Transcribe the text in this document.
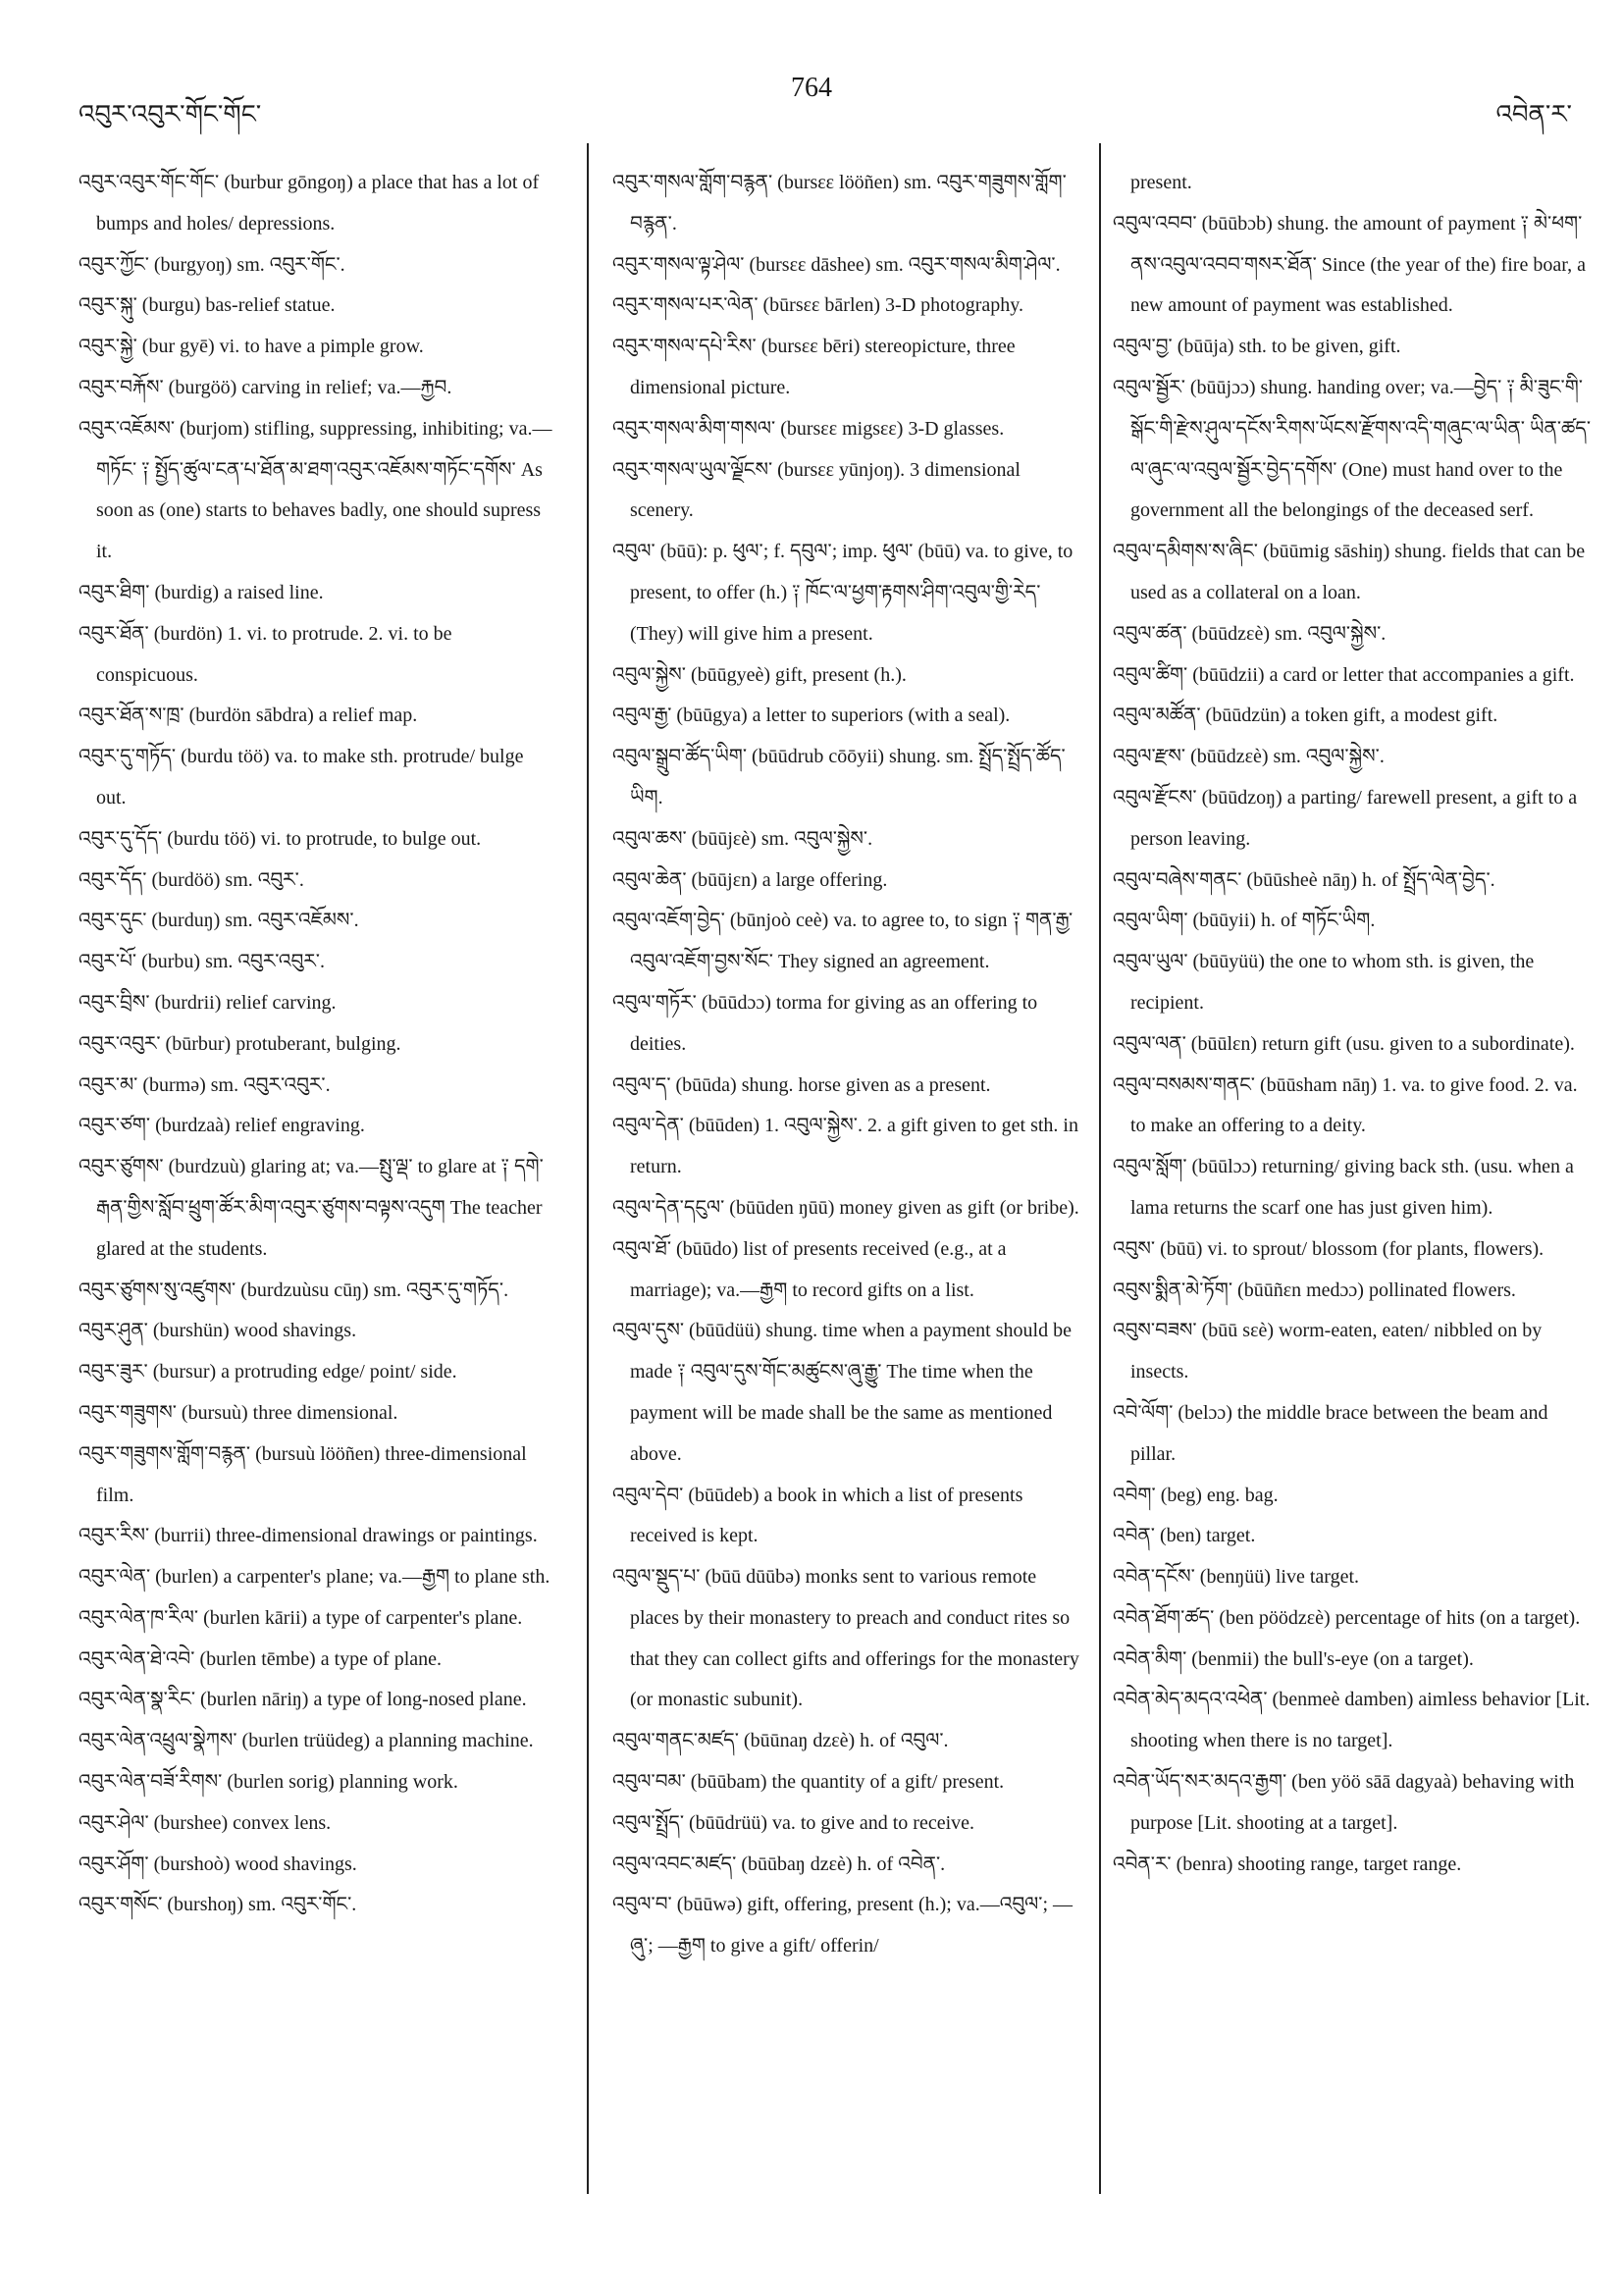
འབུར་འབུར་གོང་གོང་
764
འབེན་ར་
འབུར་འབུར་གོང་གོང་ (burbur gōngoŋ) a place that has a lot of bumps and holes/ depressions.
འབུར་ཀྱོང་ (burgyoŋ) sm. འབུར་གོང་.
འབུར་སྐུ་ (burgu) bas-relief statue.
འབུར་སྐྱེ་ (bur gyē) vi. to have a pimple grow.
འབུར་བརྐོས་ (burgöö) carving in relief; va.—རྐྱབ.
འབུར་འཇོམས་ (burjom) stifling, suppressing, inhibiting; va.—གཏོང་ ༑ སྤྱོད་ཚུལ་ངན་པ་ཐོན་མ་ཐག་འབུར་འཇོམས་གཏོང་དགོས་ As soon as (one) starts to behaves badly, one should supress it.
འབུར་ཐིག་ (burdig) a raised line.
འབུར་ཐོན་ (burdön) 1. vi. to protrude. 2. vi. to be conspicuous.
འབུར་ཐོན་ས་ཁྲ་ (burdön sābdra) a relief map.
འབུར་དུ་གཏོད་ (burdu töö) va. to make sth. protrude/ bulge out.
འབུར་དུ་དོད་ (burdu töö) vi. to protrude, to bulge out.
འབུར་དོད་ (burdöö) sm. འབུར་.
འབུར་དུང་ (burduŋ) sm. འབུར་འཇོམས་.
འབུར་པོ་ (burbu) sm. འབུར་འབུར་.
འབུར་བྲིས་ (burdrii) relief carving.
འབུར་འབུར་ (būrbur) protuberant, bulging.
འབུར་མ་ (burmə) sm. འབུར་འབུར་.
འབུར་ཙག་ (burdzaà) relief engraving.
འབུར་ཙུགས་ (burdzuù) glaring at; va.—སྤུ་ལྡ་ to glare at ༑ དགེ་རྒན་གྱིས་སློབ་ཕྲུག་ཚོར་མིག་འབུར་ཙུགས་བལྟས་འདུག The teacher glared at the students.
འབུར་ཙུགས་སུ་འཛུགས་ (burdzuùsu cūŋ) sm. འབུར་དུ་གཏོད་.
འབུར་ཤུན་ (burshün) wood shavings.
འབུར་ཟུར་ (bursur) a protruding edge/ point/ side.
འབུར་གཟུགས་ (bursuù) three dimensional.
འབུར་གཟུགས་གློག་བརྙན་ (bursuù lööñen) three-dimensional film.
འབུར་རིས་ (burrii) three-dimensional drawings or paintings.
འབུར་ལེན་ (burlen) a carpenter's plane; va.—རྒྱག to plane sth.
འབུར་ལེན་ཁ་རིལ་ (burlen kārii) a type of carpenter's plane.
འབུར་ལེན་ཐེ་འབེ་ (burlen tēmbe) a type of plane.
འབུར་ལེན་སྣ་རིང་ (burlen nāriŋ) a type of long-nosed plane.
འབུར་ལེན་འཕྲུལ་སྣེཀས་ (burlen trüüdeg) a planning machine.
འབུར་ལེན་བཟོ་རིགས་ (burlen sorig) planning work.
འབུར་ཤེལ་ (burshee) convex lens.
འབུར་ཤོག་ (burshoò) wood shavings.
འབུར་གསོང་ (burshoŋ) sm. འབུར་གོང་.
འབུར་གསལ་གློག་བརྙན་ (bursεε lööñen) sm. འབུར་གཟུགས་གློག་བརྙན་.
འབུར་གསལ་ལྟ་ཤེལ་ (bursεε dāshee) sm. འབུར་གསལ་མིག་ཤེལ་.
འབུར་གསལ་པར་ལེན་ (būrsεε bārlen) 3-D photography.
འབུར་གསལ་དཔེ་རིས་ (bursεε bēri) stereopicture, three dimensional picture.
འབུར་གསལ་མིག་གསལ་ (bursεε migsεε) 3-D glasses.
འབུར་གསལ་ཡུལ་ལྗོངས་ (bursεε yūnjoŋ). 3 dimensional scenery.
འབུལ་ (būū): p. ཕུལ་; f. དབུལ་; imp. ཕུལ་ (būū) va. to give, to present, to offer (h.) ༑ ཁོང་ལ་ཕྱག་རྟགས་ཤིག་འབུལ་གྱི་རེད་ (They) will give him a present.
འབུལ་སྐྱེས་ (būūgyeè) gift, present (h.).
འབུལ་རྒྱ་ (būūgya) a letter to superiors (with a seal).
འབུལ་སྒྲུབ་ཚོད་ཡིག་ (būūdrub cōōyii) shung. sm. སྤྲོད་སྤྲོད་ཚོད་ཡིག.
འབུལ་ཆས་ (būūjεè) sm. འབུལ་སྐྱེས་.
འབུལ་ཆེན་ (būūjεn) a large offering.
འབུལ་འཇོག་བྱེད་ (būnjoò ceè) va. to agree to, to sign ༑ གན་རྒྱ་འབུལ་འཇོག་བྱས་སོང་ They signed an agreement.
འབུལ་གཏོར་ (būūdɔɔ) torma for giving as an offering to deities.
འབུལ་ད་ (būūda) shung. horse given as a present.
འབུལ་དེན་ (būūden) 1. འབུལ་སྐྱེས་. 2. a gift given to get sth. in return.
འབུལ་དེན་དངུལ་ (būūden ŋūū) money given as gift (or bribe).
འབུལ་ཐོ་ (būūdo) list of presents received (e.g., at a marriage); va.—རྒྱག to record gifts on a list.
འབུལ་དུས་ (būūdüü) shung. time when a payment should be made ༑ འབུལ་དུས་གོང་མཚུངས་ཞུ་རྒྱུ་ The time when the payment will be made shall be the same as mentioned above.
འབུལ་དེབ་ (būūdeb) a book in which a list of presents received is kept.
འབུལ་སྡུད་པ་ (būū dūūbə) monks sent to various remote places by their monastery to preach and conduct rites so that they can collect gifts and offerings for the monastery (or monastic subunit).
འབུལ་གནང་མཛད་ (būūnaŋ dzεè) h. of འབུལ་.
འབུལ་བམ་ (būūbam) the quantity of a gift/ present.
འབུལ་སྤྲོད་ (būūdrüü) va. to give and to receive.
འབུལ་འབང་མཛད་ (būūbaŋ dzεè) h. of འབེན་.
འབུལ་བ་ (būūwə) gift, offering, present (h.); va.—འབུལ་; —ཞུ་; —རྒྱག to give a gift/ offerin/
present.
འབུལ་འབབ་ (būūbɔb) shung. the amount of payment ༑ མེ་ཕག་ནས་འབུལ་འབབ་གསར་ཐོན་ Since (the year of the) fire boar, a new amount of payment was established.
འབུལ་བྱ་ (būūja) sth. to be given, gift.
འབུལ་སྦྱོར་ (būūjɔɔ) shung. handing over; va.—བྱེད་ ༑ མི་ཟུང་གི་སྒོང་གི་རྫེས་ཤུལ་དངོས་རིགས་ཡོངས་རྫོགས་འདི་གཞུང་ལ་ཡིན་ ཡིན་ཚད་ལ་ཞུང་ལ་འབུལ་སྦྱོར་བྱེད་དགོས་ (One) must hand over to the government all the belongings of the deceased serf.
འབུལ་དམིགས་ས་ཞིང་ (būūmig sāshiŋ) shung. fields that can be used as a collateral on a loan.
འབུལ་ཚན་ (būūdzεè) sm. འབུལ་སྐྱེས་.
འབུལ་ཚིག་ (būūdzii) a card or letter that accompanies a gift.
འབུལ་མཚོན་ (būūdzün) a token gift, a modest gift.
འབུལ་རྫས་ (būūdzεè) sm. འབུལ་སྐྱེས་.
འབུལ་རྫོངས་ (būūdzoŋ) a parting/ farewell present, a gift to a person leaving.
འབུལ་བཞེས་གནང་ (būūsheè nāŋ) h. of སྤྲོད་ལེན་བྱེད་.
འབུལ་ཡིག་ (būūyii) h. of གཏོང་ཡིག.
འབུལ་ཡུལ་ (būūyüü) the one to whom sth. is given, the recipient.
འབུལ་ལན་ (būūlεn) return gift (usu. given to a subordinate).
འབུལ་བསམས་གནང་ (būūsham nāŋ) 1. va. to give food. 2. va. to make an offering to a deity.
འབུལ་སློག་ (būūlɔɔ) returning/ giving back sth. (usu. when a lama returns the scarf one has just given him).
འབུས་ (būū) vi. to sprout/ blossom (for plants, flowers).
འབུས་སྨིན་མེ་ཏོག་ (būūñεn medɔɔ) pollinated flowers.
འབུས་བཟས་ (būū sεè) worm-eaten, eaten/ nibbled on by insects.
འབེ་ལོག་ (belɔɔ) the middle brace between the beam and pillar.
འབེག་ (beg) eng. bag.
འབེན་ (ben) target.
འབེན་དངོས་ (benŋüü) live target.
འབེན་ཐོག་ཚད་ (ben pöödzεè) percentage of hits (on a target).
འབེན་མིག་ (benmii) the bull's-eye (on a target).
འབེན་མེད་མདའ་འཕེན་ (benmeè damben) aimless behavior [Lit. shooting when there is no target].
འབེན་ཡོད་སར་མདའ་རྒྱག་ (ben yöö sāā dagyaà) behaving with purpose [Lit. shooting at a target].
འབེན་ར་ (benra) shooting range, target range.
